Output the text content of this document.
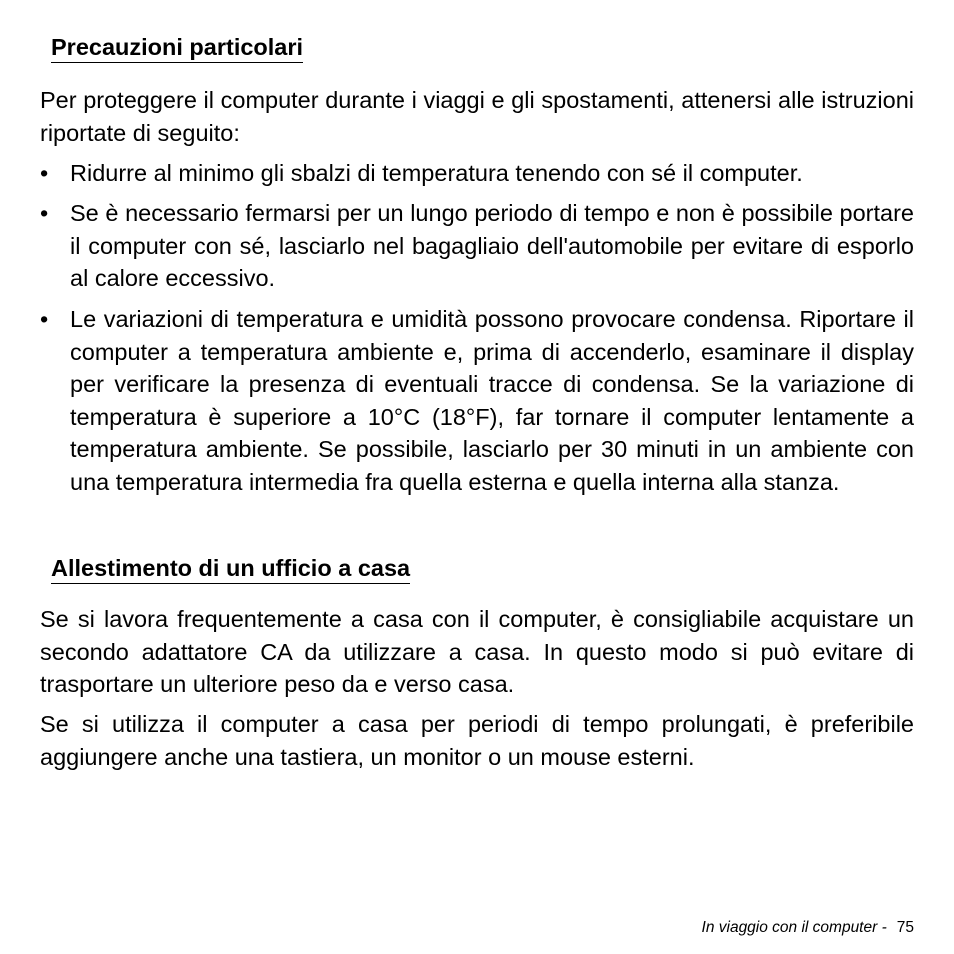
Precauzioni particolari

Per proteggere il computer durante i viaggi e gli spostamenti, attenersi alle istruzioni riportate di seguito:

• Ridurre al minimo gli sbalzi di temperatura tenendo con sé il computer.

• Se è necessario fermarsi per un lungo periodo di tempo e non è possibile portare il computer con sé, lasciarlo nel bagagliaio dell'automobile per evitare di esporlo al calore eccessivo.

• Le variazioni di temperatura e umidità possono provocare condensa. Riportare il computer a temperatura ambiente e, prima di accenderlo, esaminare il display per verificare la presenza di eventuali tracce di condensa. Se la variazione di temperatura è superiore a 10°C (18°F), far tornare il computer lentamente a temperatura ambiente. Se possibile, lasciarlo per 30 minuti in un ambiente con una temperatura intermedia fra quella esterna e quella interna alla stanza.

Allestimento di un ufficio a casa

Se si lavora frequentemente a casa con il computer, è consigliabile acquistare un secondo adattatore CA da utilizzare a casa. In questo modo si può evitare di trasportare un ulteriore peso da e verso casa.

Se si utilizza il computer a casa per periodi di tempo prolungati, è preferibile aggiungere anche una tastiera, un monitor o un mouse esterni.

In viaggio con il computer - 75
